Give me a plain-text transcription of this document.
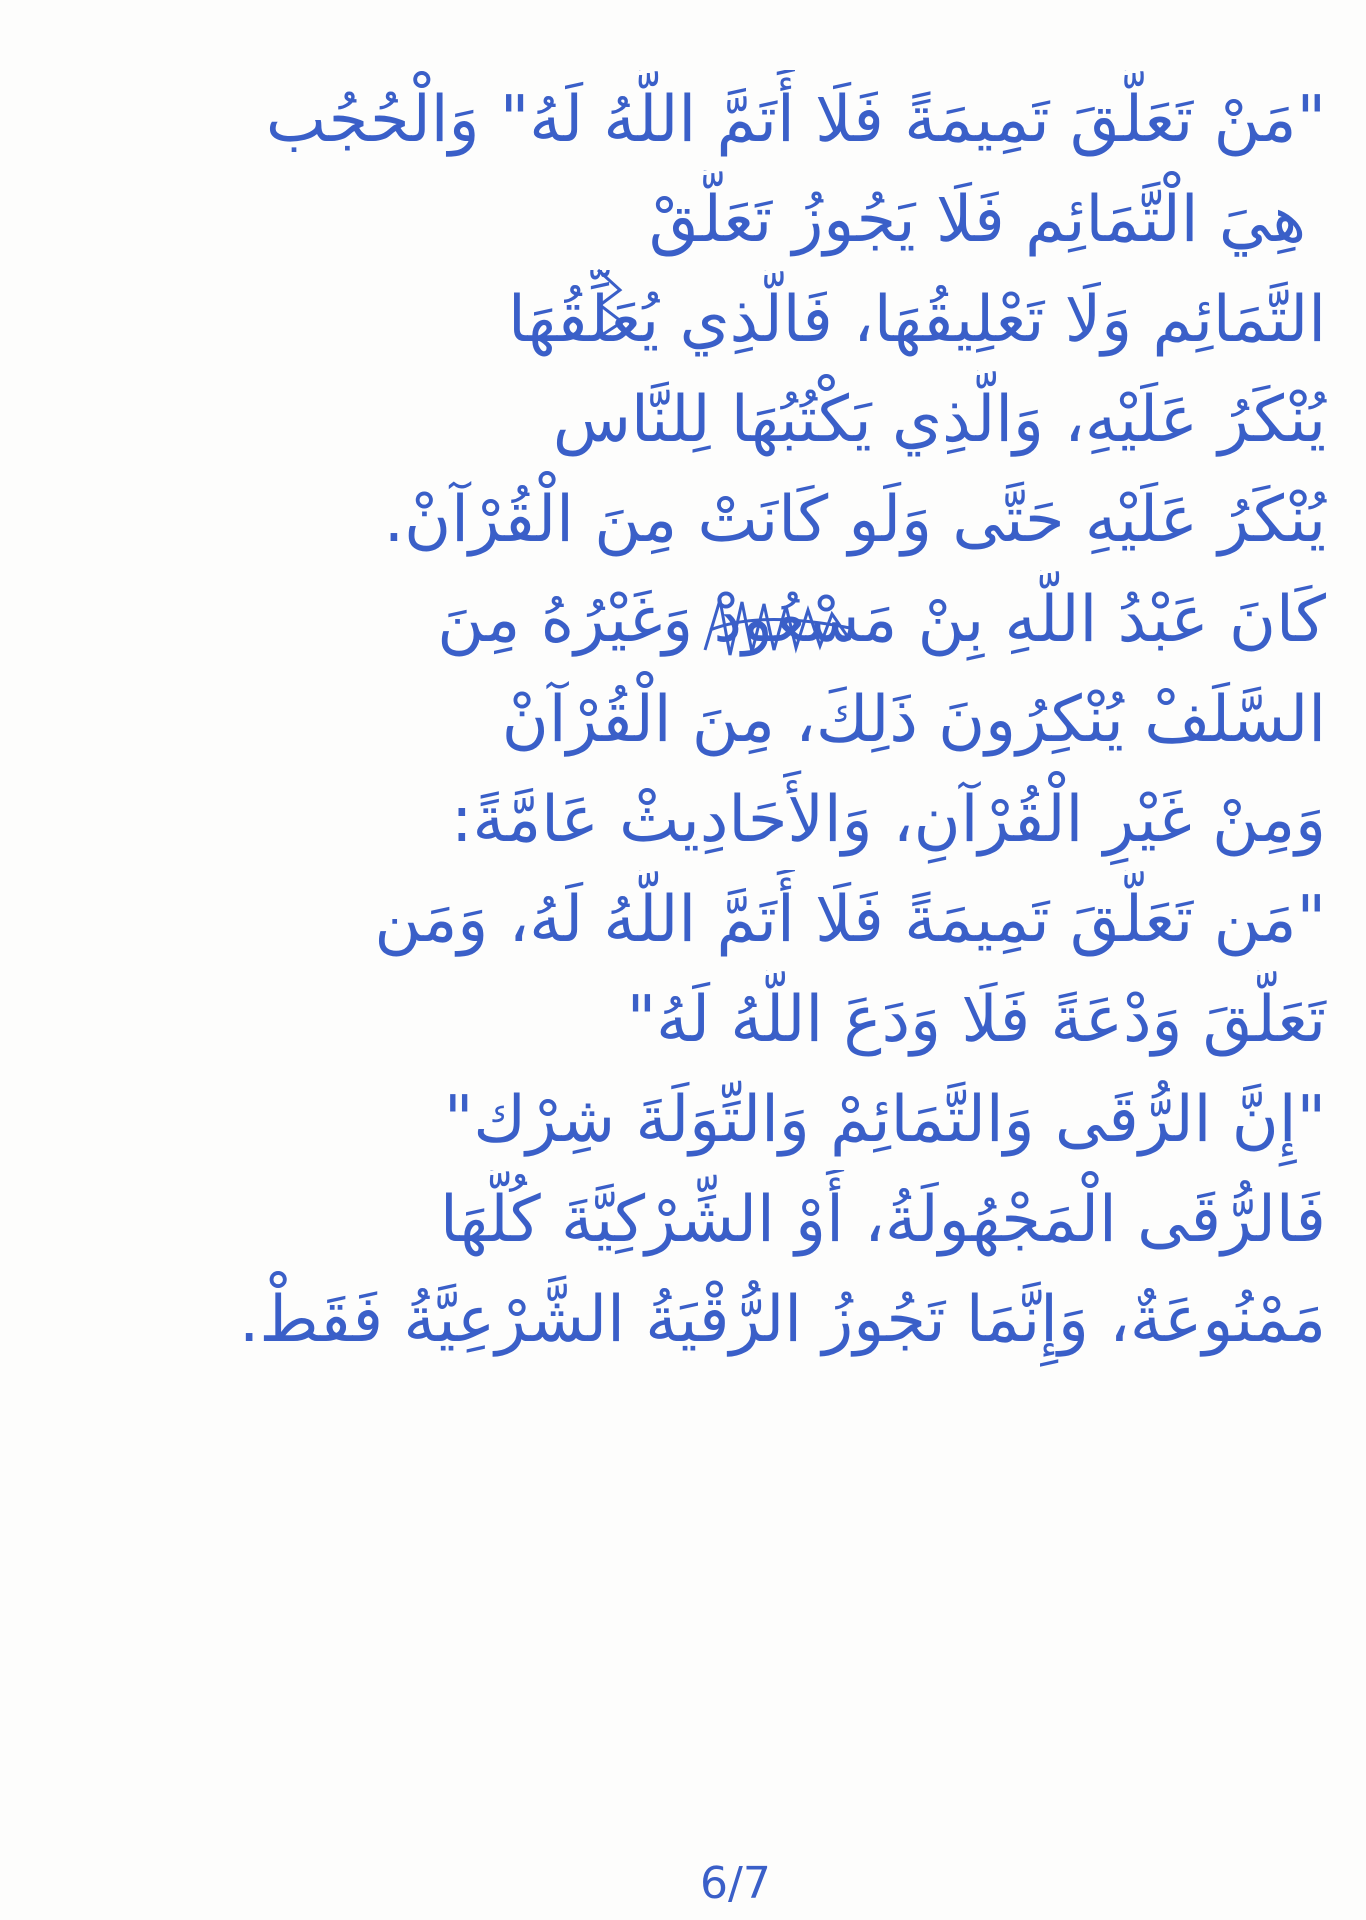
"مَنْ تَعَلَّقَ تَمِيمَةً فَلَا أَتَمَّ اللَّهُ لَهُ" وَالْحُجُب
هِيَ الْتَّمَائِم فَلَا يَجُوزُ تَعَلُّقْ
التَّمَائِم وَلَا تَعْلِيقُهَا، فَالَّذِي يُعَلِّقُهَا
يُنْكَرُ عَلَيْهِ، وَالَّذِي يَكْتُبُهَا لِلنَّاس
يُنْكَرُ عَلَيْهِ حَتَّى وَلَو كَانَتْ مِنَ الْقُرْآنْ.
كَانَ عَبْدُ اللَّهِ بِنْ مَسْعُودْ وَغَيْرُهُ مِنَ
السَّلَفْ يُنْكِرُونَ ذَلِكَ، مِنَ الْقُرْآنْ
وَمِنْ غَيْرِ الْقُرْآنِ، وَالأَحَادِيثْ عَامَّةً:
"مَن تَعَلَّقَ تَمِيمَةً فَلَا أَتَمَّ اللَّهُ لَهُ، وَمَن
تَعَلَّقَ وَدْعَةً فَلَا وَدَعَ اللَّهُ لَهُ"
"إِنَّ الرُّقَى وَالتَّمَائِمْ وَالتِّوَلَةَ شِرْك"
فَالرُّقَى الْمَجْهُولَةُ، أَوْ الشِّرْكِيَّةَ كُلُّهَا
مَمْنُوعَةٌ، وَإِنَّمَا تَجُوزُ الرُّقْيَةُ الشَّرْعِيَّةُ فَقَطْ.
6/7
